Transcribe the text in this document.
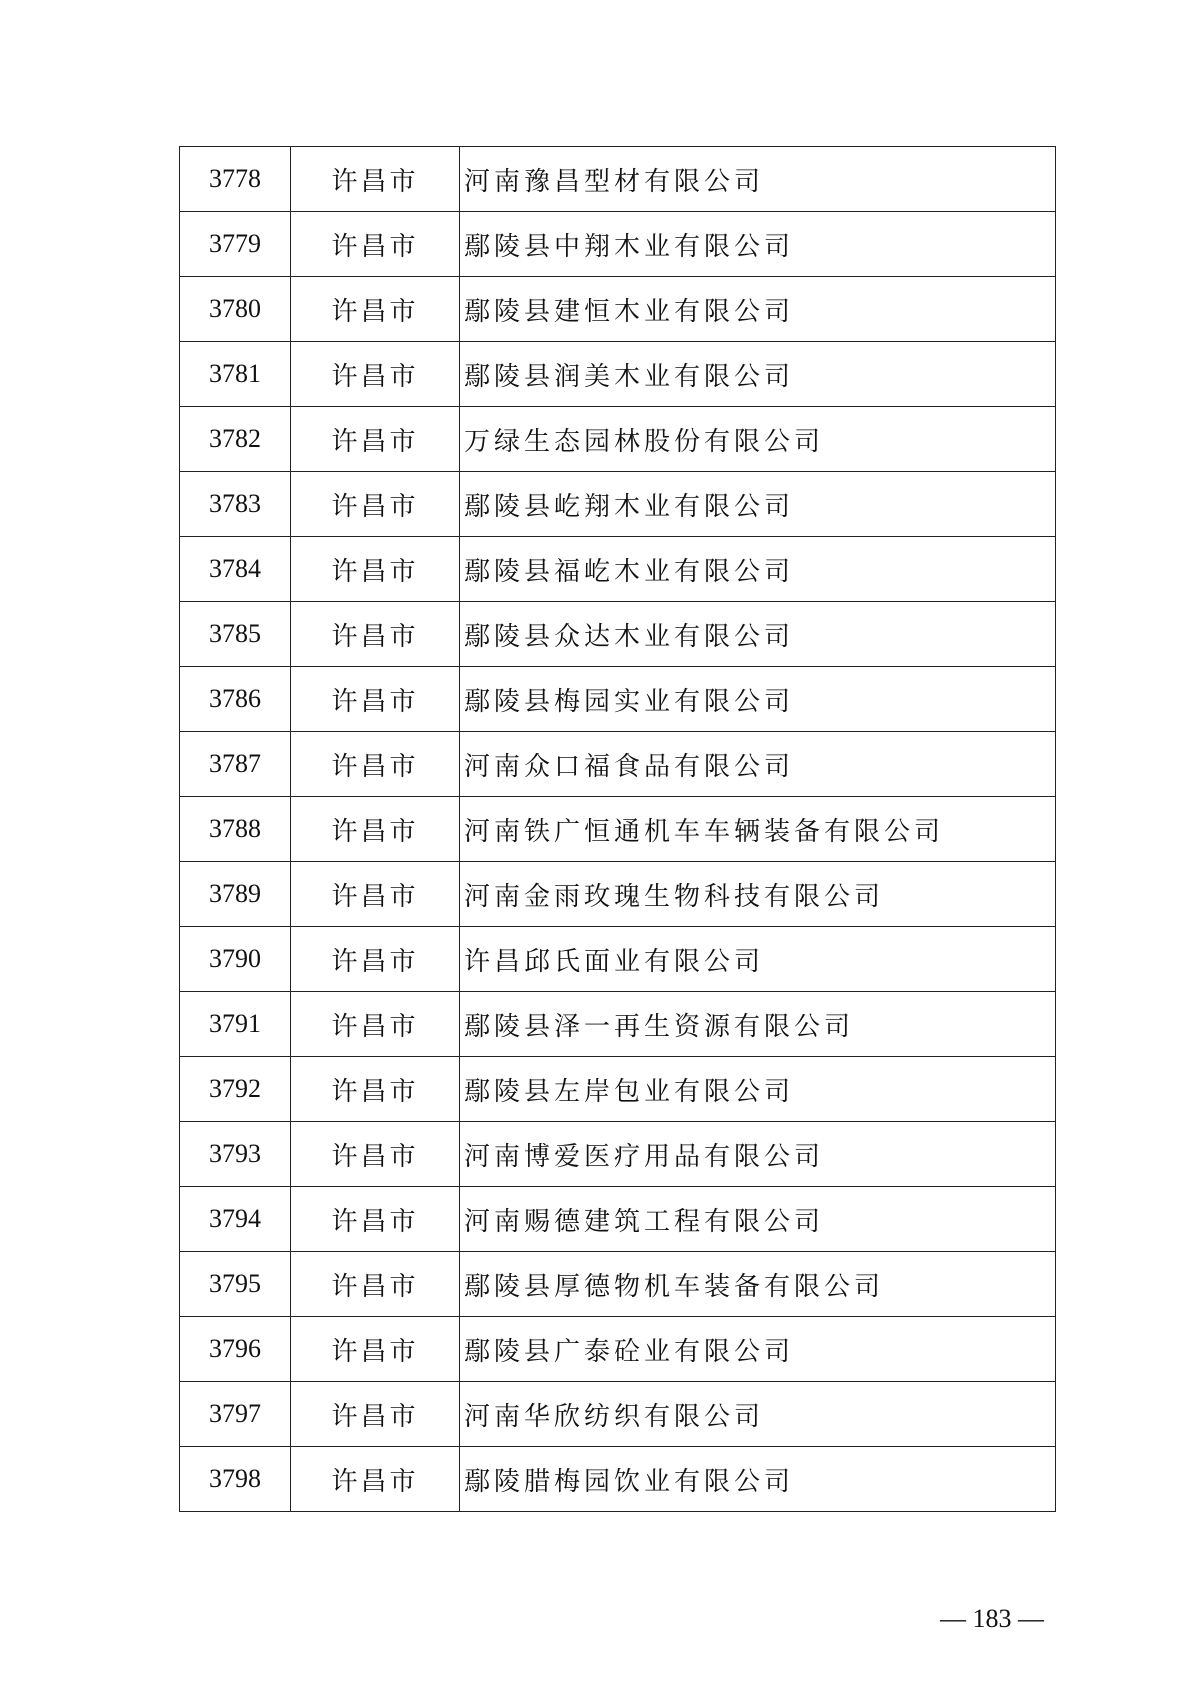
3778	许昌市	河南豫昌型材有限公司
3779	许昌市	鄢陵县中翔木业有限公司
3780	许昌市	鄢陵县建恒木业有限公司
3781	许昌市	鄢陵县润美木业有限公司
3782	许昌市	万绿生态园林股份有限公司
3783	许昌市	鄢陵县屹翔木业有限公司
3784	许昌市	鄢陵县福屹木业有限公司
3785	许昌市	鄢陵县众达木业有限公司
3786	许昌市	鄢陵县梅园实业有限公司
3787	许昌市	河南众口福食品有限公司
3788	许昌市	河南铁广恒通机车车辆装备有限公司
3789	许昌市	河南金雨玫瑰生物科技有限公司
3790	许昌市	许昌邱氏面业有限公司
3791	许昌市	鄢陵县泽一再生资源有限公司
3792	许昌市	鄢陵县左岸包业有限公司
3793	许昌市	河南博爱医疗用品有限公司
3794	许昌市	河南赐德建筑工程有限公司
3795	许昌市	鄢陵县厚德物机车装备有限公司
3796	许昌市	鄢陵县广泰砼业有限公司
3797	许昌市	河南华欣纺织有限公司
3798	许昌市	鄢陵腊梅园饮业有限公司
— 183 —
